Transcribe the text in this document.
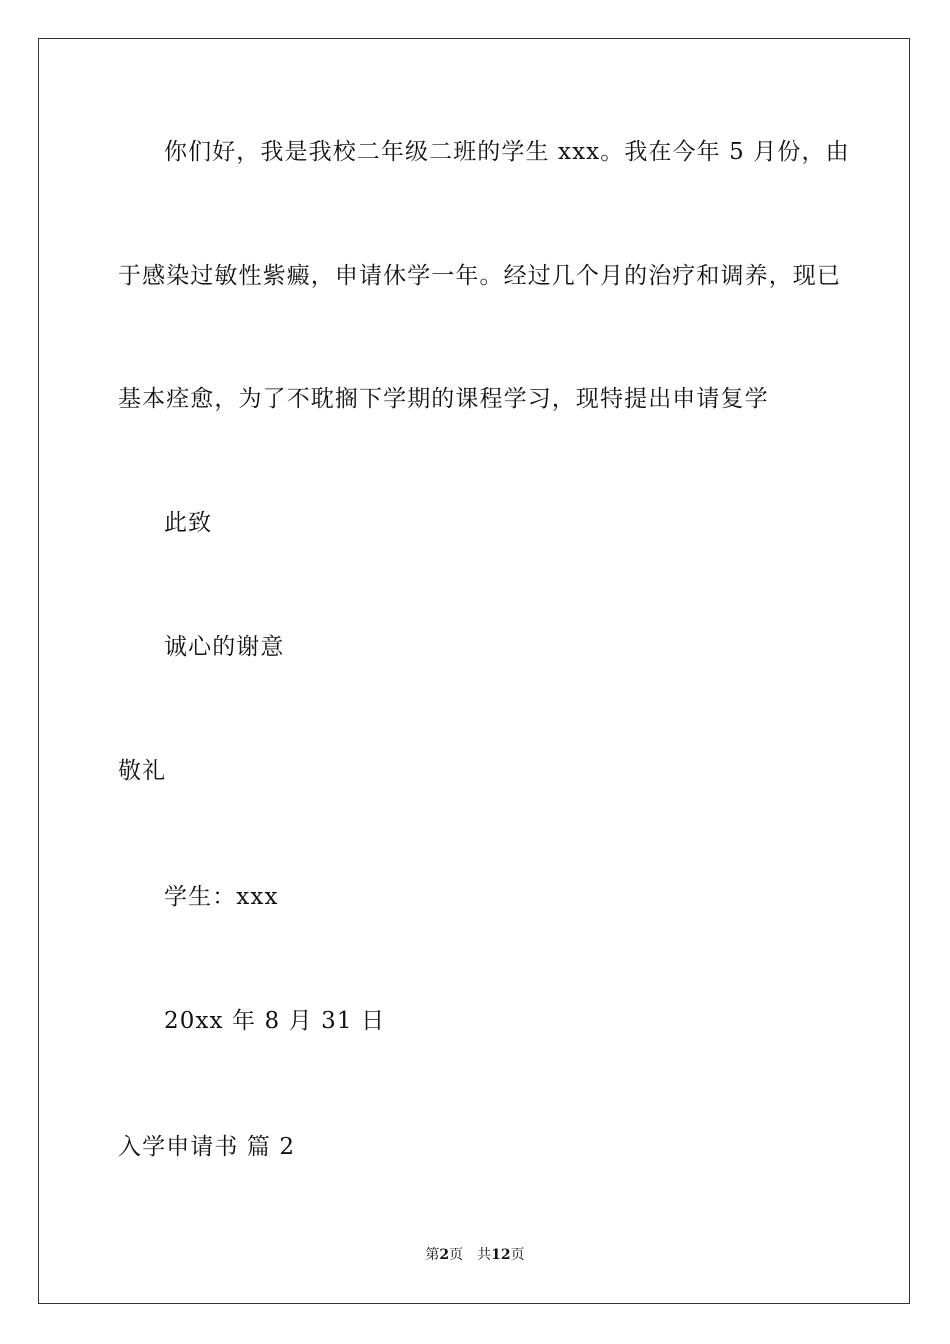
你们好，我是我校二年级二班的学生 xxx。我在今年 5 月份，由
于感染过敏性紫癜，申请休学一年。经过几个月的治疗和调养，现已
基本痊愈，为了不耽搁下学期的课程学习，现特提出申请复学
此致
诚心的谢意
敬礼
学生：xxx
20xx 年 8 月 31 日
入学申请书 篇 2
第2页 共12页
